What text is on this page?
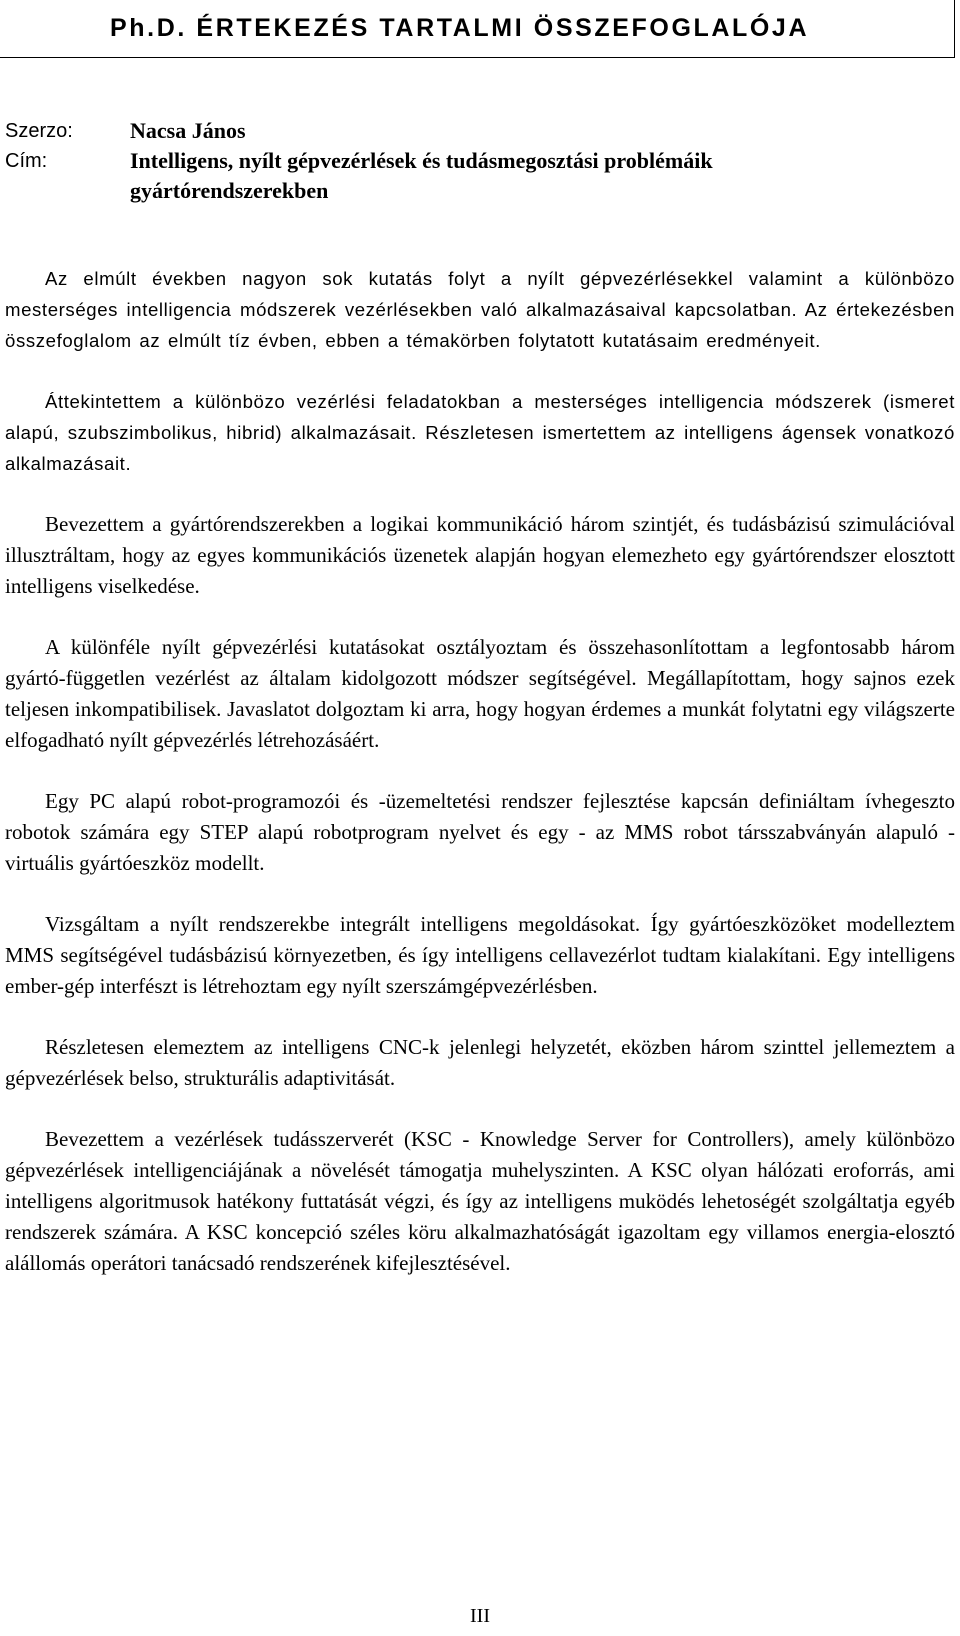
Ph.D. ÉRTEKEZÉS TARTALMI ÖSSZEFOGLALÓJA
Szerzo:	Nacsa János
Cím:	Intelligens, nyílt gépvezérlések és tudásmegosztási problémáik gyártórendszerekben

Az elmúlt években nagyon sok kutatás folyt a nyílt gépvezérlésekkel valamint a különbözo mesterséges intelligencia módszerek vezérlésekben való alkalmazásaival kapcsolatban. Az értekezésben összefoglalom az elmúlt tíz évben, ebben a témakörben folytatott kutatásaim eredményeit.

Áttekintettem a különbözo vezérlési feladatokban a mesterséges intelligencia módszerek (ismeret alapú, szubszimbolikus, hibrid) alkalmazásait. Részletesen ismertettem az intelligens ágensek vonatkozó alkalmazásait.

Bevezettem a gyártórendszerekben a logikai kommunikáció három szintjét, és tudásbázisú szimulációval illusztráltam, hogy az egyes kommunikációs üzenetek alapján hogyan elemezheto egy gyártórendszer elosztott intelligens viselkedése.

A különféle nyílt gépvezérlési kutatásokat osztályoztam és összehasonlítottam a legfontosabb három gyártó-független vezérlést az általam kidolgozott módszer segítségével. Megállapítottam, hogy sajnos ezek teljesen inkompatibilisek. Javaslatot dolgoztam ki arra, hogy hogyan érdemes a munkát folytatni egy világszerte elfogadható nyílt gépvezérlés létrehozásáért.

Egy PC alapú robot-programozói és -üzemeltetési rendszer fejlesztése kapcsán definiáltam ívhegeszto robotok számára egy STEP alapú robotprogram nyelvet és egy - az MMS robot társszabványán alapuló - virtuális gyártóeszköz modellt.

Vizsgáltam a nyílt rendszerekbe integrált intelligens megoldásokat. Így gyártóeszközöket modelleztem MMS segítségével tudásbázisú környezetben, és így intelligens cellavezérlot tudtam kialakítani. Egy intelligens ember-gép interfészt is létrehoztam egy nyílt szerszámgépvezérlésben.

Részletesen elemeztem az intelligens CNC-k jelenlegi helyzetét, eközben három szinttel jellemeztem a gépvezérlések belso, strukturális adaptivitását.

Bevezettem a vezérlések tudásszerverét (KSC - Knowledge Server for Controllers), amely különbözo gépvezérlések intelligenciájának a növelését támogatja muhelyszinten. A KSC olyan hálózati eroforrás, ami intelligens algoritmusok hatékony futtatását végzi, és így az intelligens muködés lehetoségét szolgáltatja egyéb rendszerek számára. A KSC koncepció széles köru alkalmazhatóságát igazoltam egy villamos energia-elosztó alállomás operátori tanácsadó rendszerének kifejlesztésével.

III
